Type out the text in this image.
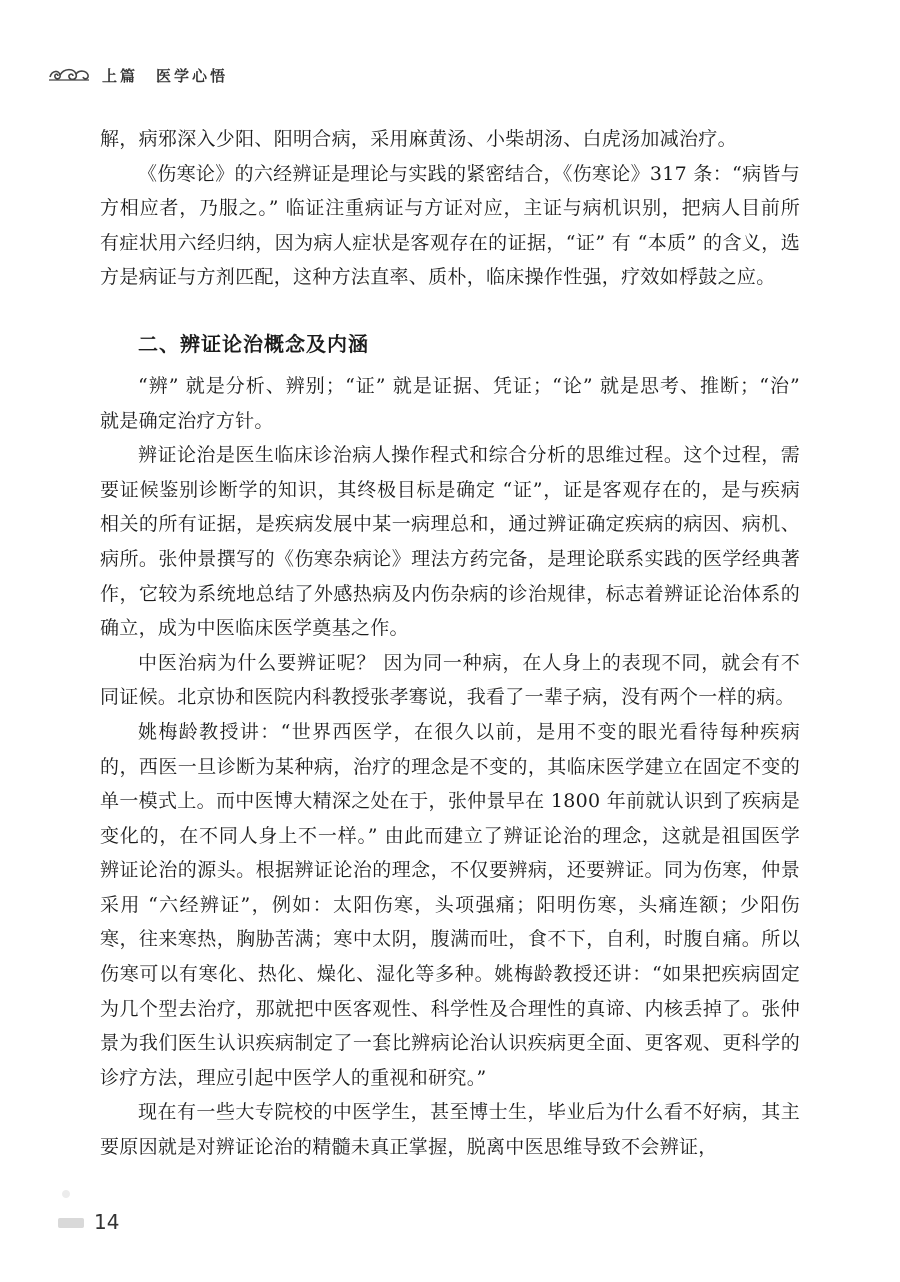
上篇　医学心悟

解，病邪深入少阳、阳明合病，采用麻黄汤、小柴胡汤、白虎汤加减治疗。

《伤寒论》的六经辨证是理论与实践的紧密结合，《伤寒论》317 条：“病皆与方相应者，乃服之。” 临证注重病证与方证对应，主证与病机识别，把病人目前所有症状用六经归纳，因为病人症状是客观存在的证据，“证” 有 “本质” 的含义，选方是病证与方剂匹配，这种方法直率、质朴，临床操作性强，疗效如桴鼓之应。

二、辨证论治概念及内涵

“辨” 就是分析、辨别；“证” 就是证据、凭证；“论” 就是思考、推断；“治” 就是确定治疗方针。

辨证论治是医生临床诊治病人操作程式和综合分析的思维过程。这个过程，需要证候鉴别诊断学的知识，其终极目标是确定 “证”，证是客观存在的，是与疾病相关的所有证据，是疾病发展中某一病理总和，通过辨证确定疾病的病因、病机、病所。张仲景撰写的《伤寒杂病论》理法方药完备，是理论联系实践的医学经典著作，它较为系统地总结了外感热病及内伤杂病的诊治规律，标志着辨证论治体系的确立，成为中医临床医学奠基之作。

中医治病为什么要辨证呢？ 因为同一种病，在人身上的表现不同，就会有不同证候。北京协和医院内科教授张孝骞说，我看了一辈子病，没有两个一样的病。

姚梅龄教授讲：“世界西医学，在很久以前，是用不变的眼光看待每种疾病的，西医一旦诊断为某种病，治疗的理念是不变的，其临床医学建立在固定不变的单一模式上。而中医博大精深之处在于，张仲景早在 1800 年前就认识到了疾病是变化的，在不同人身上不一样。” 由此而建立了辨证论治的理念，这就是祖国医学辨证论治的源头。根据辨证论治的理念，不仅要辨病，还要辨证。同为伤寒，仲景采用 “六经辨证”，例如：太阳伤寒，头项强痛；阳明伤寒，头痛连额；少阳伤寒，往来寒热，胸胁苦满；寒中太阴，腹满而吐，食不下，自利，时腹自痛。所以伤寒可以有寒化、热化、燥化、湿化等多种。姚梅龄教授还讲：“如果把疾病固定为几个型去治疗，那就把中医客观性、科学性及合理性的真谛、内核丢掉了。张仲景为我们医生认识疾病制定了一套比辨病论治认识疾病更全面、更客观、更科学的诊疗方法，理应引起中医学人的重视和研究。”

现在有一些大专院校的中医学生，甚至博士生，毕业后为什么看不好病，其主要原因就是对辨证论治的精髓未真正掌握，脱离中医思维导致不会辨证，

14
